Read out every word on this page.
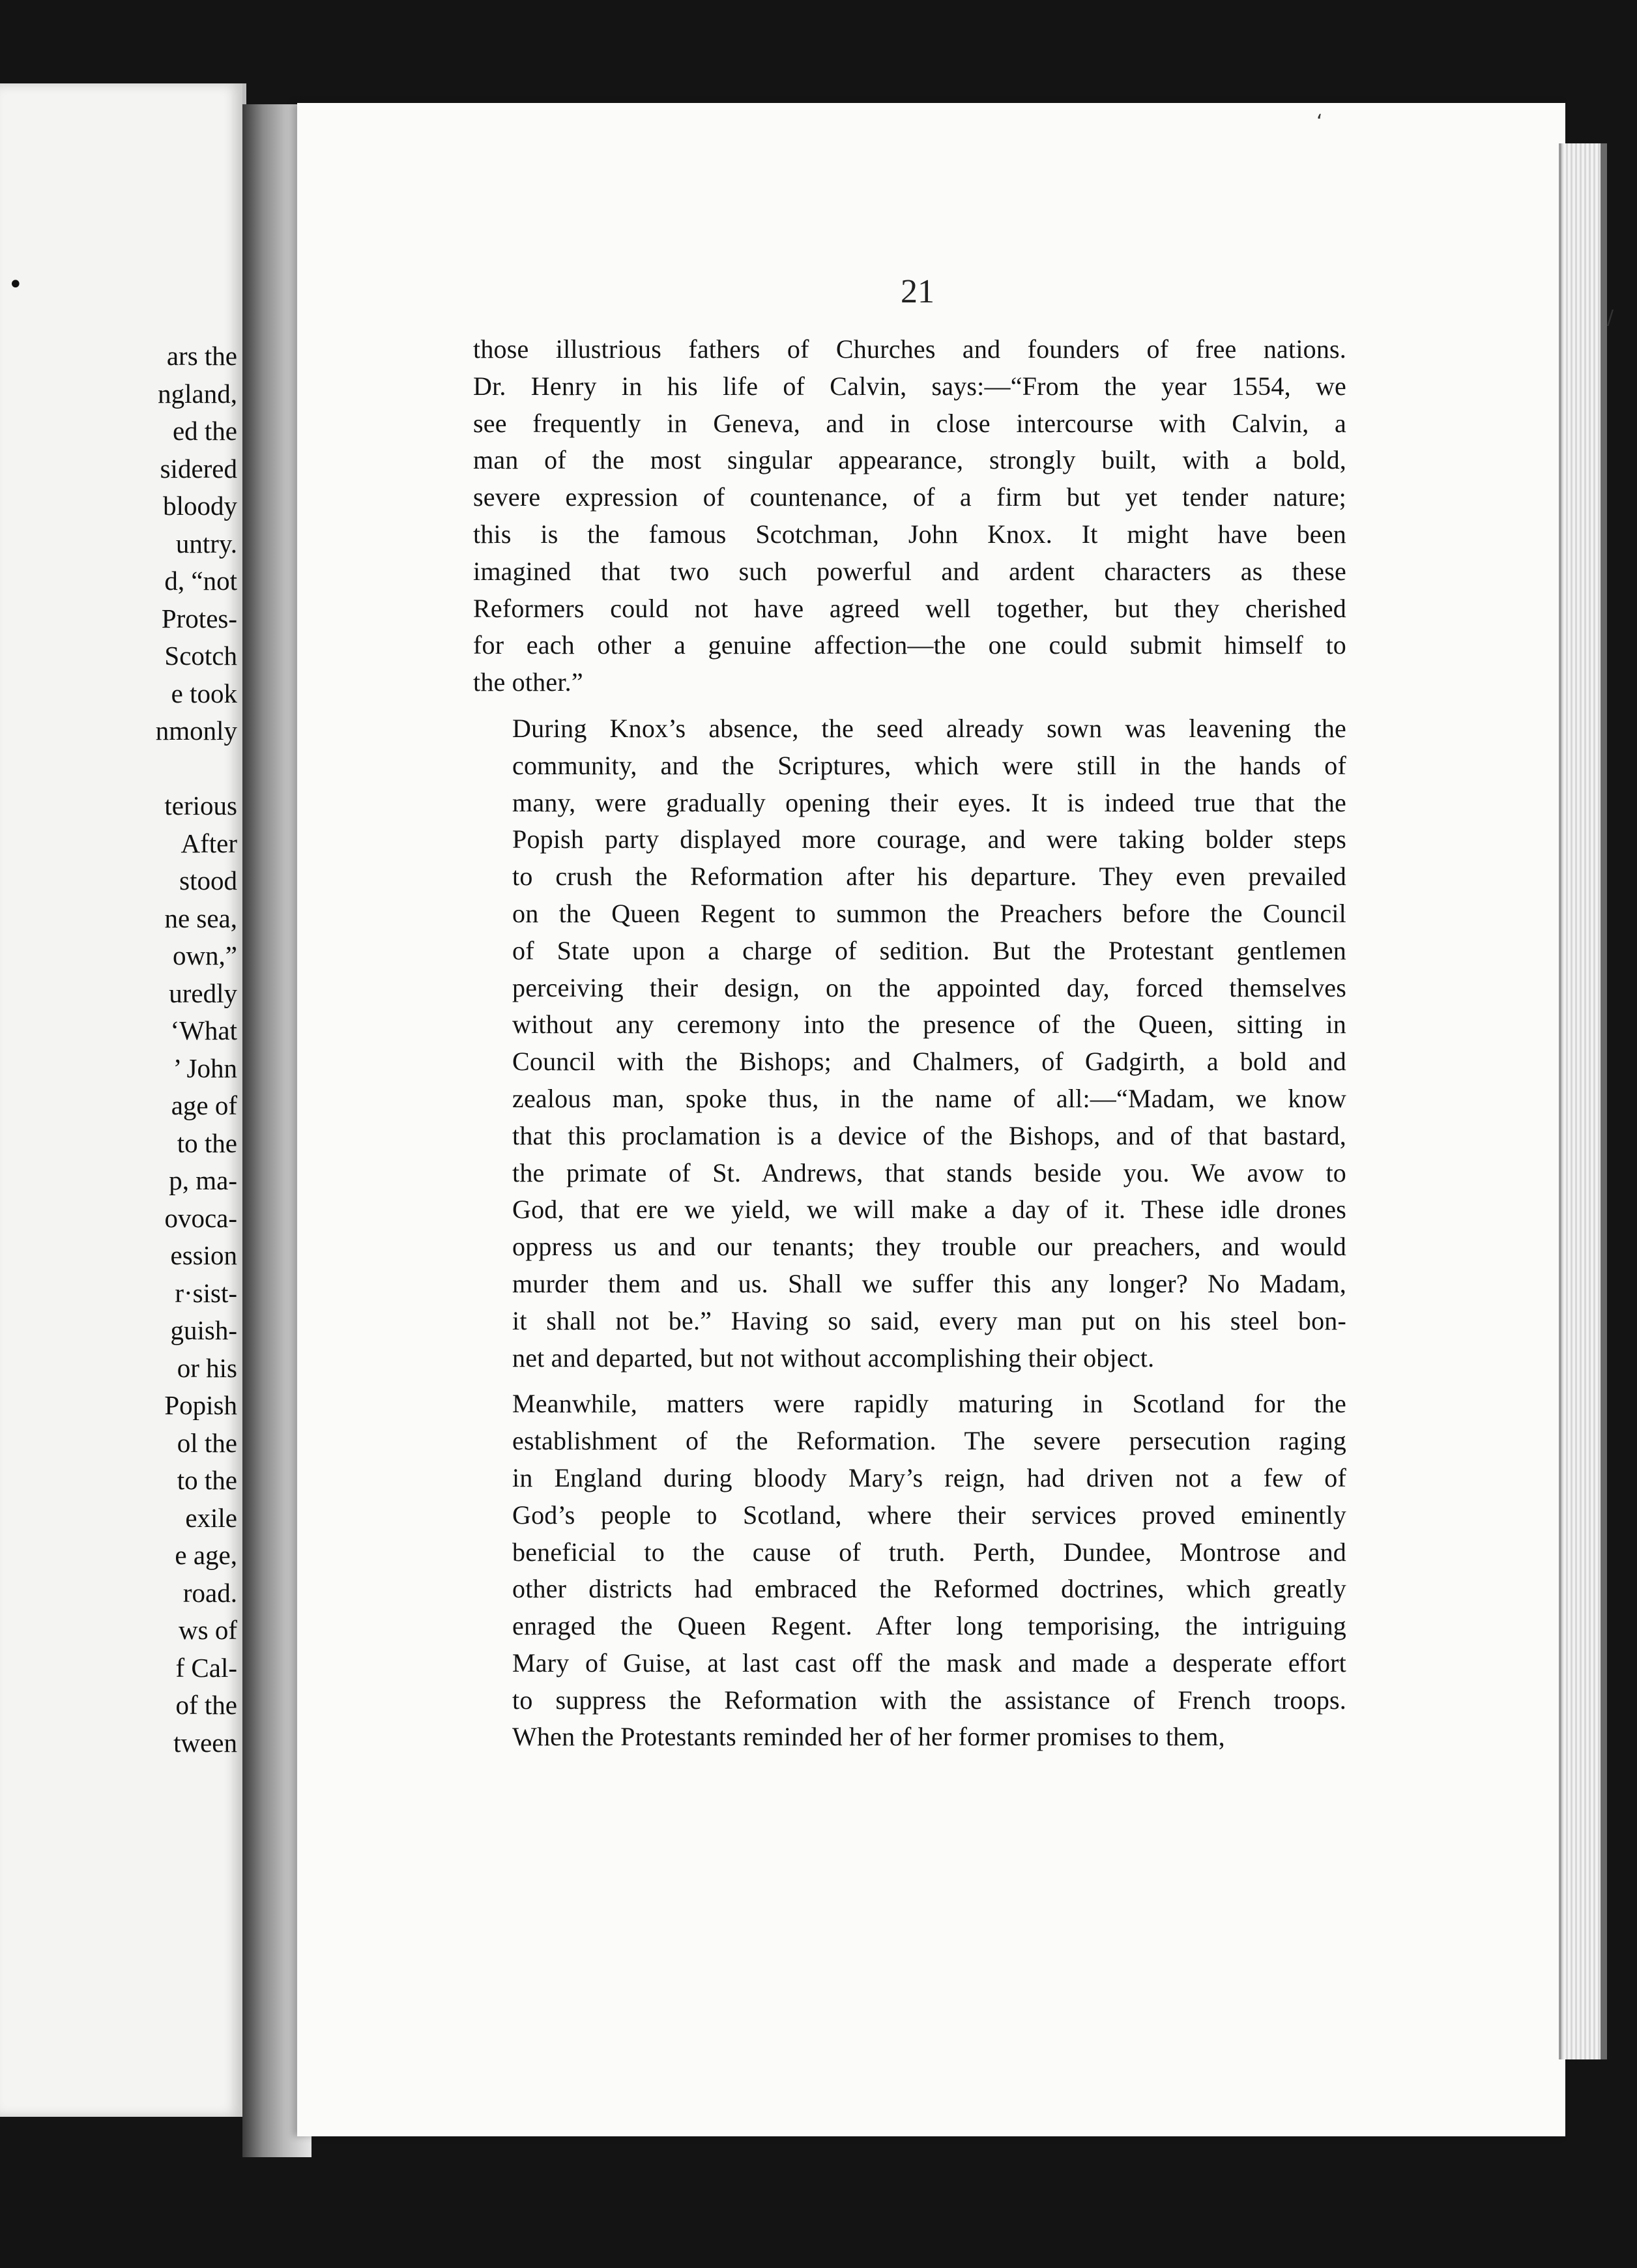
•
ars the
ngland,
ed the
sidered
bloody
untry.
d, “not
Protes-
Scotch
e took
nmonly
terious
After
stood
ne sea,
own,”
uredly
‘What
’ John
age of
to the
p, ma-
ovoca-
ession
r·sist-
guish-
or his
Popish
ol the
to the
exile
e age,
road.
ws of
f Cal-
of the
tween
21

those illustrious fathers of Churches and founders of free nations.
Dr. Henry in his life of Calvin, says:—“From the year 1554, we
see frequently in Geneva, and in close intercourse with Calvin, a
man of the most singular appearance, strongly built, with a bold,
severe expression of countenance, of a firm but yet tender nature;
this is the famous Scotchman, John Knox. It might have been
imagined that two such powerful and ardent characters as these
Reformers could not have agreed well together, but they cherished
for each other a genuine affection—the one could submit himself to
the other.”

During Knox’s absence, the seed already sown was leavening the
community, and the Scriptures, which were still in the hands of
many, were gradually opening their eyes. It is indeed true that the
Popish party displayed more courage, and were taking bolder steps
to crush the Reformation after his departure. They even prevailed
on the Queen Regent to summon the Preachers before the Council
of State upon a charge of sedition. But the Protestant gentlemen
perceiving their design, on the appointed day, forced themselves
without any ceremony into the presence of the Queen, sitting in
Council with the Bishops; and Chalmers, of Gadgirth, a bold and
zealous man, spoke thus, in the name of all:—“Madam, we know
that this proclamation is a device of the Bishops, and of that bastard,
the primate of St. Andrews, that stands beside you. We avow to
God, that ere we yield, we will make a day of it. These idle drones
oppress us and our tenants; they trouble our preachers, and would
murder them and us. Shall we suffer this any longer? No Madam,
it shall not be.” Having so said, every man put on his steel bon-
net and departed, but not without accomplishing their object.

Meanwhile, matters were rapidly maturing in Scotland for the
establishment of the Reformation. The severe persecution raging
in England during bloody Mary’s reign, had driven not a few of
God’s people to Scotland, where their services proved eminently
beneficial to the cause of truth. Perth, Dundee, Montrose and
other districts had embraced the Reformed doctrines, which greatly
enraged the Queen Regent. After long temporising, the intriguing
Mary of Guise, at last cast off the mask and made a desperate effort
to suppress the Reformation with the assistance of French troops.
When the Protestants reminded her of her former promises to them,

‘
/
